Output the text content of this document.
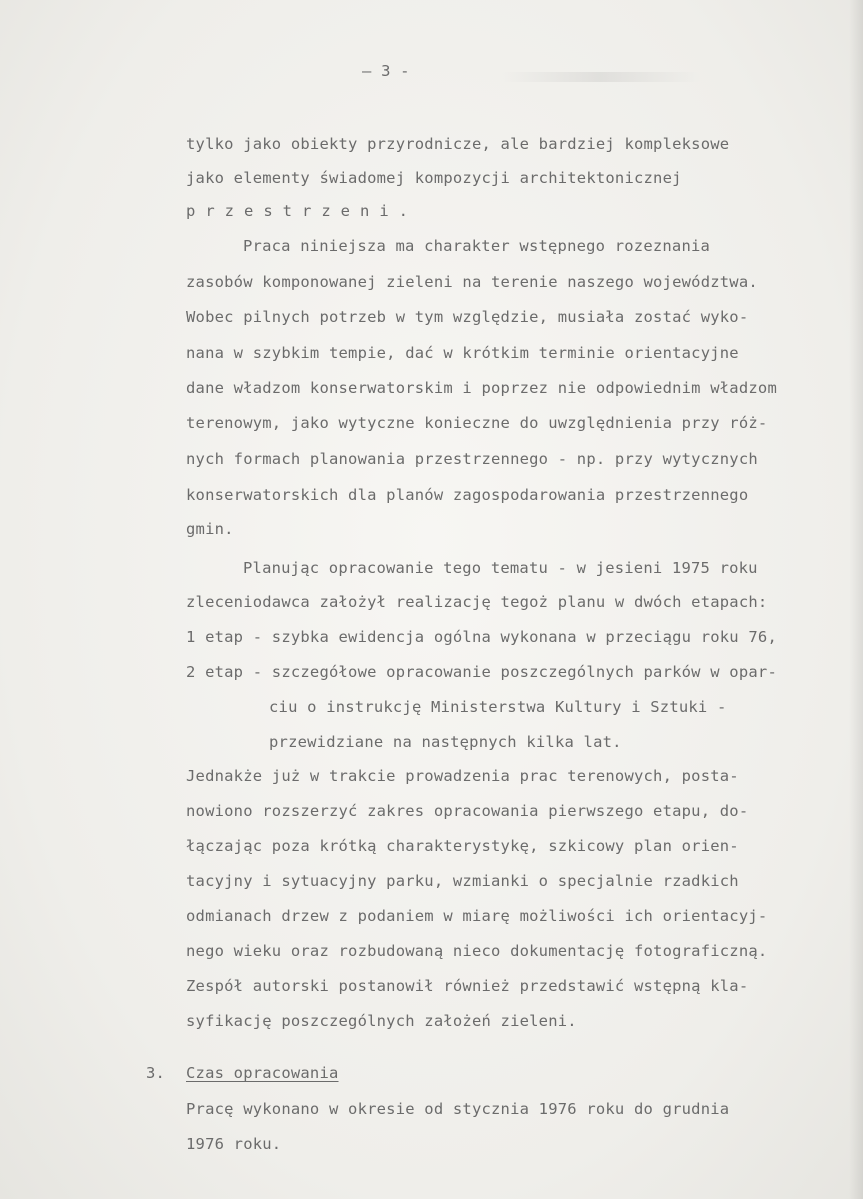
— 3 -
tylko jako obiekty przyrodnicze, ale bardziej kompleksowe
jako elementy świadomej kompozycji architektonicznej
przestrzeni.
Praca niniejsza ma charakter wstępnego rozeznania
zasobów komponowanej zieleni na terenie naszego województwa.
Wobec pilnych potrzeb w tym względzie, musiała zostać wyko-
nana w szybkim tempie, dać w krótkim terminie orientacyjne
dane władzom konserwatorskim i poprzez nie odpowiednim władzom
terenowym, jako wytyczne konieczne do uwzględnienia przy róż-
nych formach planowania przestrzennego - np. przy wytycznych
konserwatorskich dla planów zagospodarowania przestrzennego
gmin.
Planując opracowanie tego tematu - w jesieni 1975 roku
zleceniodawca założył realizację tegoż planu w dwóch etapach:
1 etap - szybka ewidencja ogólna wykonana w przeciągu roku 76,
2 etap - szczegółowe opracowanie poszczególnych parków w opar-
ciu o instrukcję Ministerstwa Kultury i Sztuki -
przewidziane na następnych kilka lat.
Jednakże już w trakcie prowadzenia prac terenowych, posta-
nowiono rozszerzyć zakres opracowania pierwszego etapu, do-
łączając poza krótką charakterystykę, szkicowy plan orien-
tacyjny i sytuacyjny parku, wzmianki o specjalnie rzadkich
odmianach drzew z podaniem w miarę możliwości ich orientacyj-
nego wieku oraz rozbudowaną nieco dokumentację fotograficzną.
Zespół autorski postanowił również przedstawić wstępną kla-
syfikację poszczególnych założeń zieleni.
3. Czas opracowania
Pracę wykonano w okresie od stycznia 1976 roku do grudnia
1976 roku.
